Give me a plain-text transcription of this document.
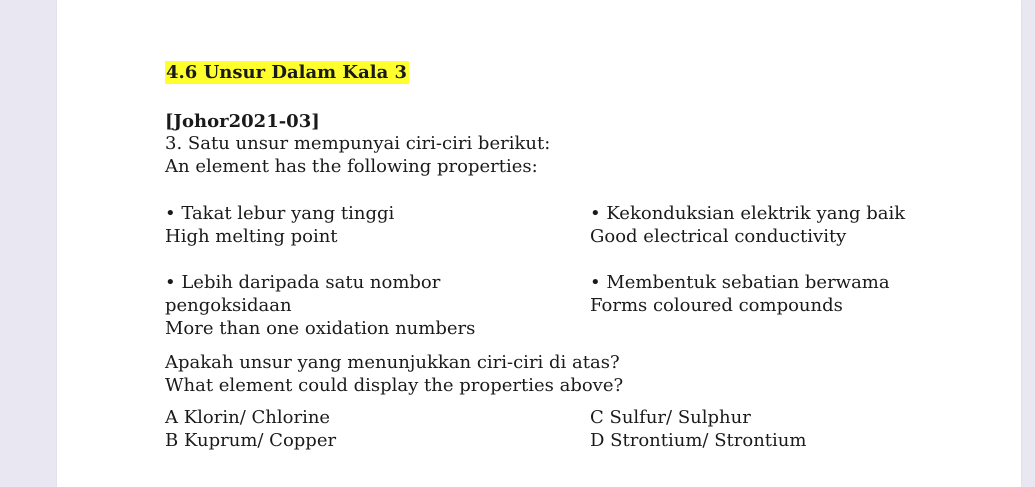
4.6 Unsur Dalam Kala 3
[Johor2021-03]
3. Satu unsur mempunyai ciri-ciri berikut:
An element has the following properties:
• Takat lebur yang tinggi
High melting point
• Kekonduksian elektrik yang baik
Good electrical conductivity
• Lebih daripada satu nombor
pengoksidaan
More than one oxidation numbers
• Membentuk sebatian berwama
Forms coloured compounds
Apakah unsur yang menunjukkan ciri-ciri di atas?
What element could display the properties above?
A Klorin/ Chlorine
B Kuprum/ Copper
C Sulfur/ Sulphur
D Strontium/ Strontium
